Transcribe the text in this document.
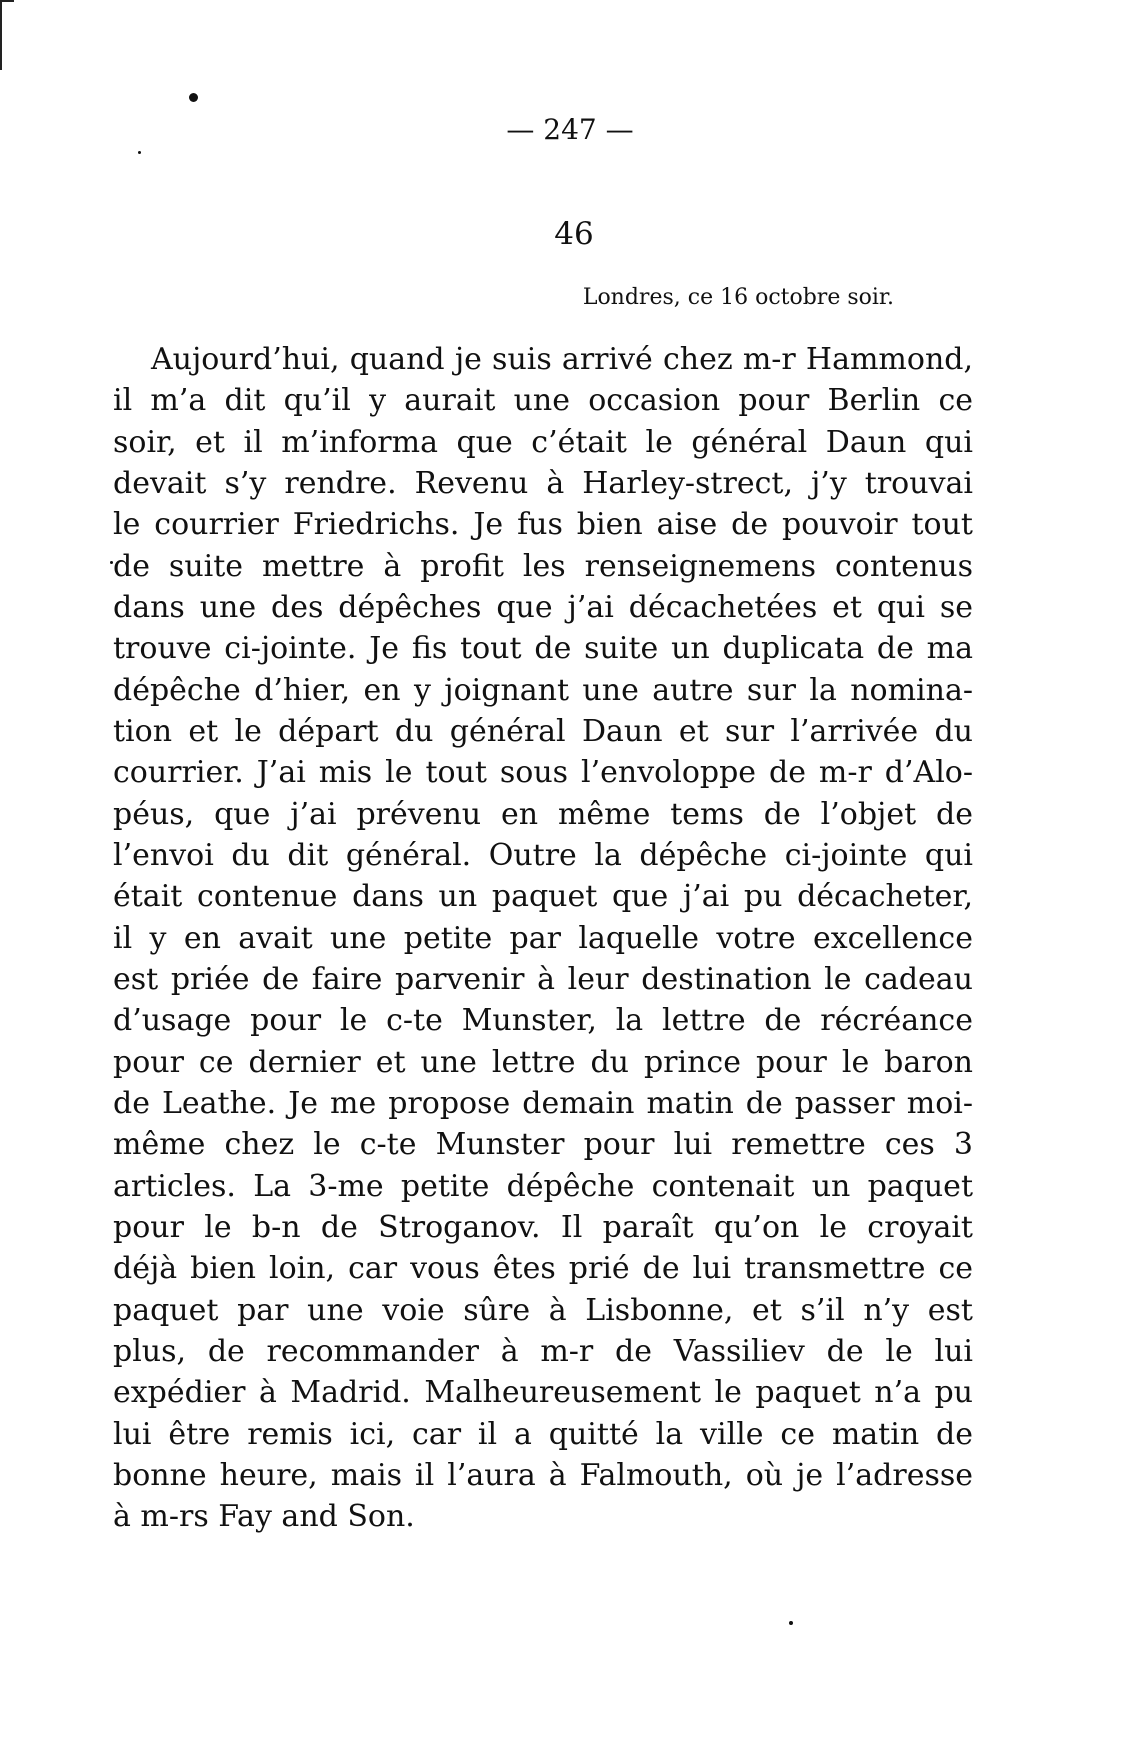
— 247 —
46
Londres, ce 16 octobre soir.
Aujourd’hui, quand je suis arrivé chez m-r Hammond,
il m’a dit qu’il y aurait une occasion pour Berlin ce
soir, et il m’informa que c’était le général Daun qui
devait s’y rendre. Revenu à Harley-strect, j’y trouvai
le courrier Friedrichs. Je fus bien aise de pouvoir tout
de suite mettre à profit les renseignemens contenus
dans une des dépêches que j’ai décachetées et qui se
trouve ci-jointe. Je fis tout de suite un duplicata de ma
dépêche d’hier, en y joignant une autre sur la nomina-
tion et le départ du général Daun et sur l’arrivée du
courrier. J’ai mis le tout sous l’envoloppe de m-r d’Alo-
péus, que j’ai prévenu en même tems de l’objet de
l’envoi du dit général. Outre la dépêche ci-jointe qui
était contenue dans un paquet que j’ai pu décacheter,
il y en avait une petite par laquelle votre excellence
est priée de faire parvenir à leur destination le cadeau
d’usage pour le c-te Munster, la lettre de récréance
pour ce dernier et une lettre du prince pour le baron
de Leathe. Je me propose demain matin de passer moi-
même chez le c-te Munster pour lui remettre ces 3
articles. La 3-me petite dépêche contenait un paquet
pour le b-n de Stroganov. Il paraît qu’on le croyait
déjà bien loin, car vous êtes prié de lui transmettre ce
paquet par une voie sûre à Lisbonne, et s’il n’y est
plus, de recommander à m-r de Vassiliev de le lui
expédier à Madrid. Malheureusement le paquet n’a pu
lui être remis ici, car il a quitté la ville ce matin de
bonne heure, mais il l’aura à Falmouth, où je l’adresse
à m-rs Fay and Son.
